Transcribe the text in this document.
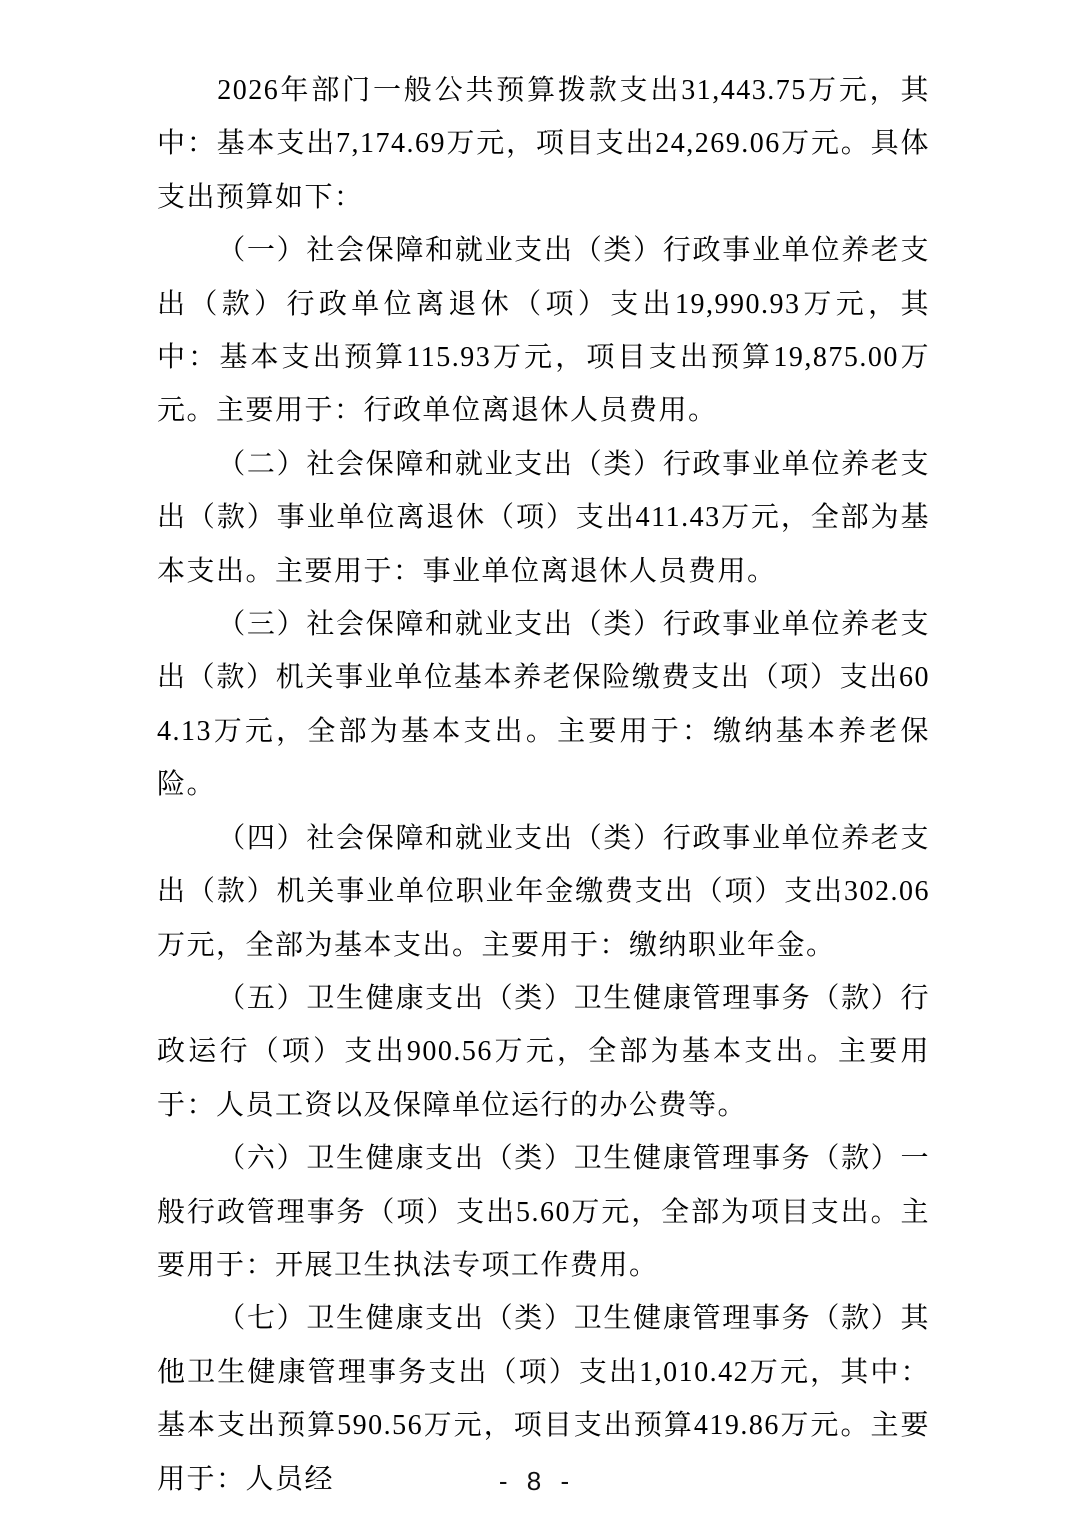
2026年部门一般公共预算拨款支出31,443.75万元，其中：基本支出7,174.69万元，项目支出24,269.06万元。具体支出预算如下：

（一）社会保障和就业支出（类）行政事业单位养老支出（款）行政单位离退休（项）支出19,990.93万元，其中：基本支出预算115.93万元，项目支出预算19,875.00万元。主要用于：行政单位离退休人员费用。

（二）社会保障和就业支出（类）行政事业单位养老支出（款）事业单位离退休（项）支出411.43万元，全部为基本支出。主要用于：事业单位离退休人员费用。

（三）社会保障和就业支出（类）行政事业单位养老支出（款）机关事业单位基本养老保险缴费支出（项）支出604.13万元，全部为基本支出。主要用于：缴纳基本养老保险。

（四）社会保障和就业支出（类）行政事业单位养老支出（款）机关事业单位职业年金缴费支出（项）支出302.06万元，全部为基本支出。主要用于：缴纳职业年金。

（五）卫生健康支出（类）卫生健康管理事务（款）行政运行（项）支出900.56万元，全部为基本支出。主要用于：人员工资以及保障单位运行的办公费等。

（六）卫生健康支出（类）卫生健康管理事务（款）一般行政管理事务（项）支出5.60万元，全部为项目支出。主要用于：开展卫生执法专项工作费用。

（七）卫生健康支出（类）卫生健康管理事务（款）其他卫生健康管理事务支出（项）支出1,010.42万元，其中：基本支出预算590.56万元，项目支出预算419.86万元。主要用于：人员经	- 8 -
